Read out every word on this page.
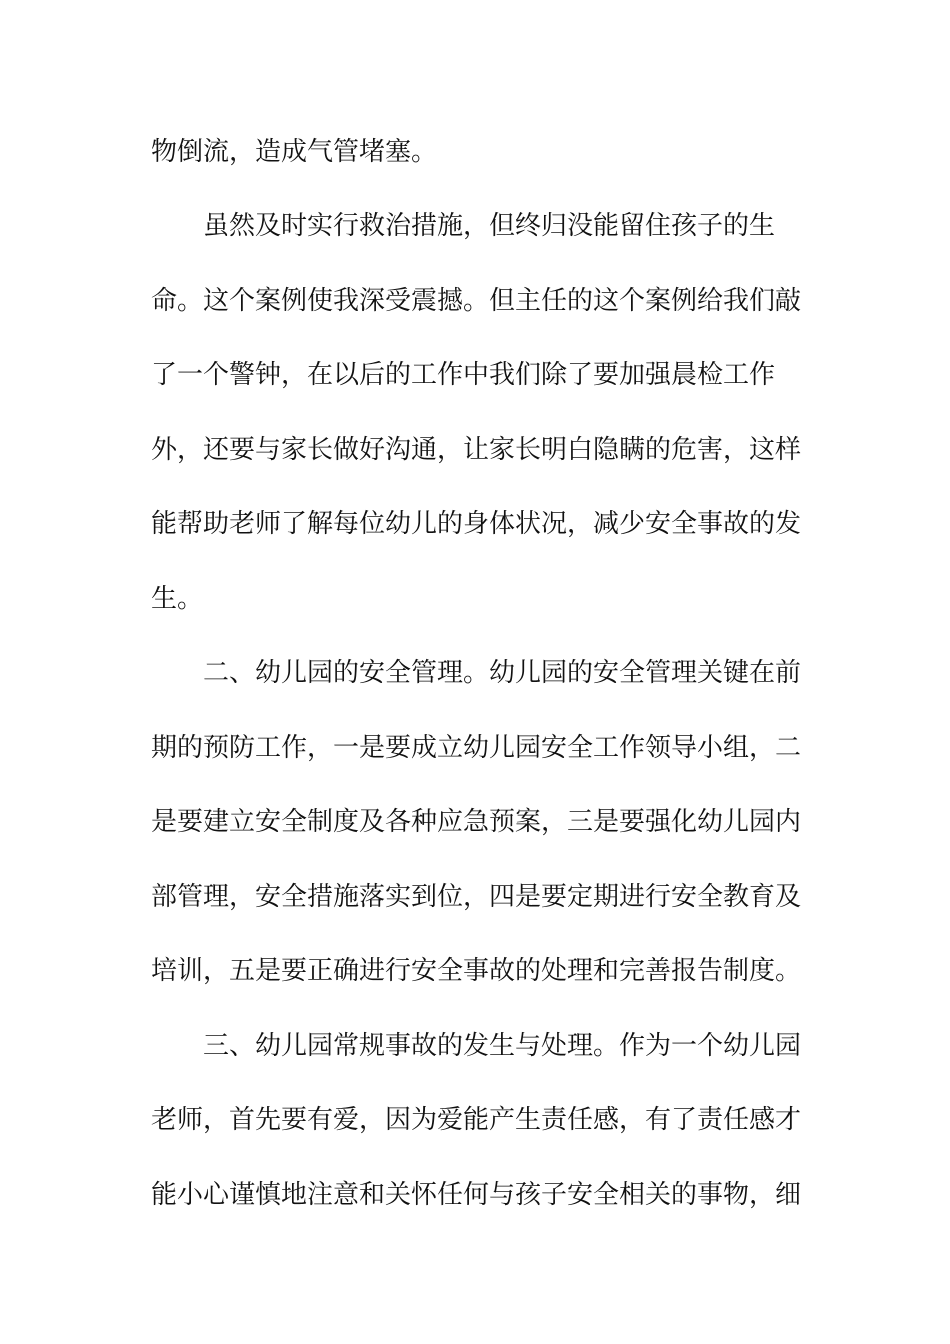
物倒流，造成气管堵塞。
虽然及时实行救治措施，但终归没能留住孩子的生
命。这个案例使我深受震撼。但主任的这个案例给我们敲
了一个警钟，在以后的工作中我们除了要加强晨检工作
外，还要与家长做好沟通，让家长明白隐瞒的危害，这样
能帮助老师了解每位幼儿的身体状况，减少安全事故的发
生。
二、幼儿园的安全管理。幼儿园的安全管理关键在前
期的预防工作，一是要成立幼儿园安全工作领导小组，二
是要建立安全制度及各种应急预案，三是要强化幼儿园内
部管理，安全措施落实到位，四是要定期进行安全教育及
培训，五是要正确进行安全事故的处理和完善报告制度。
三、幼儿园常规事故的发生与处理。作为一个幼儿园
老师，首先要有爱，因为爱能产生责任感，有了责任感才
能小心谨慎地注意和关怀任何与孩子安全相关的事物，细
